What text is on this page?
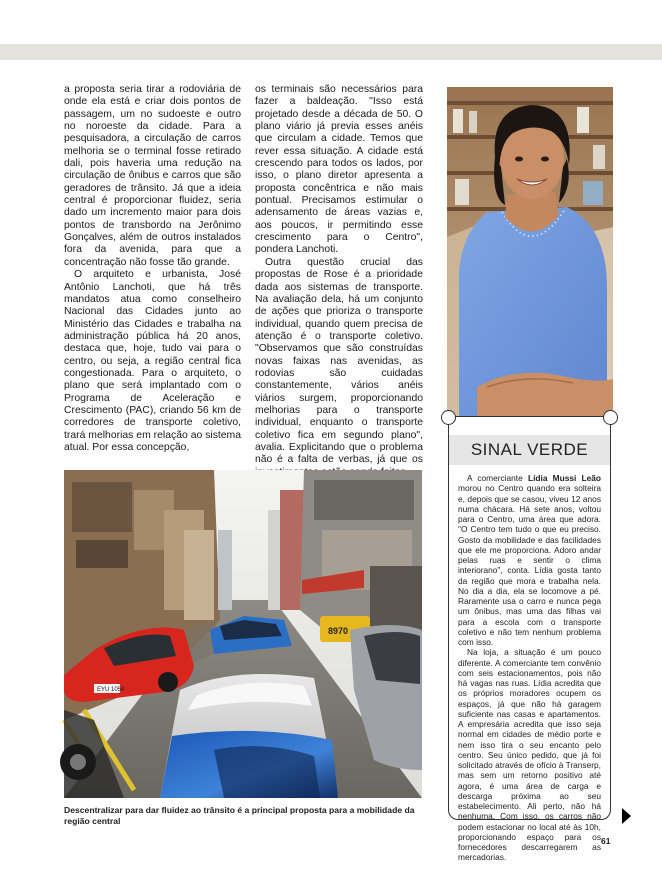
a proposta seria tirar a rodoviária de onde ela está e criar dois pontos de passagem, um no sudoeste e outro no noroeste da cidade. Para a pesquisadora, a circulação de carros melhoria se o terminal fosse retirado dali, pois haveria uma redução na circulação de ônibus e carros que são geradores de trânsito. Já que a ideia central é proporcionar fluidez, seria dado um incremento maior para dois pontos de transbordo na Jerônimo Gonçalves, além de outros instalados fora da avenida, para que a concentração não fosse tão grande.

O arquiteto e urbanista, José Antônio Lanchoti, que há três mandatos atua como conselheiro Nacional das Cidades junto ao Ministério das Cidades e trabalha na administração pública há 20 anos, destaca que, hoje, tudo vai para o centro, ou seja, a região central fica congestionada. Para o arquiteto, o plano que será implantado com o Programa de Aceleração e Crescimento (PAC), criando 56 km de corredores de transporte coletivo, trará melhorias em relação ao sistema atual. Por essa concepção,

os terminais são necessários para fazer a baldeação. "Isso está projetado desde a década de 50. O plano viário já previa esses anéis que circulam a cidade. Temos que rever essa situação. A cidade está crescendo para todos os lados, por isso, o plano diretor apresenta a proposta concêntrica e não mais pontual. Precisamos estimular o adensamento de áreas vazias e, aos poucos, ir permitindo esse crescimento para o Centro", pondera Lanchoti.

Outra questão crucial das propostas de Rose é a prioridade dada aos sistemas de transporte. Na avaliação dela, há um conjunto de ações que prioriza o transporte individual, quando quem precisa de atenção é o transporte coletivo. "Observamos que são construídas novas faixas nas avenidas, as rodovias são cuidadas constantemente, vários anéis viários surgem, proporcionando melhorias para o transporte individual, enquanto o transporte coletivo fica em segundo plano", avalia. Explicitando que o problema não é a falta de verbas, já que os

EYU 1054
8970
Descentralizar para dar fluidez ao trânsito é a principal proposta para a mobilidade da região central
SINAL VERDE

A comerciante Lídia Mussi Leão morou no Centro quando era solteira e, depois que se casou, viveu 12 anos numa chácara. Há sete anos, voltou para o Centro, uma área que adora. "O Centro tem tudo o que eu preciso. Gosto da mobilidade e das facilidades que ele me proporciona. Adoro andar pelas ruas e sentir o clima interiorano", conta. Lídia gosta tanto da região que mora e trabalha nela. No dia a dia, ela se locomove a pé. Raramente usa o carro e nunca pega um ônibus, mas uma das filhas vai para a escola com o transporte coletivo e não tem nenhum problema com isso.

Na loja, a situação é um pouco diferente. A comerciante tem convênio com seis estacionamentos, pois não há vagas nas ruas. Lídia acredita que os próprios moradores ocupem os espaços, já que não há garagem suficiente nas casas e apartamentos. A empresária acredita que isso seja normal em cidades de médio porte e nem isso tira o seu encanto pelo centro. Seu único pedido, que já foi solicitado através de ofício à Transerp, mas sem um retorno positivo até agora, é uma área de carga e descarga próxima ao seu estabelecimento. Ali perto, não há nenhuma. Com isso, os carros não podem estacionar no local até às 10h, proporcionando espaço para os fornecedores descarregarem as mercadorias.

61
